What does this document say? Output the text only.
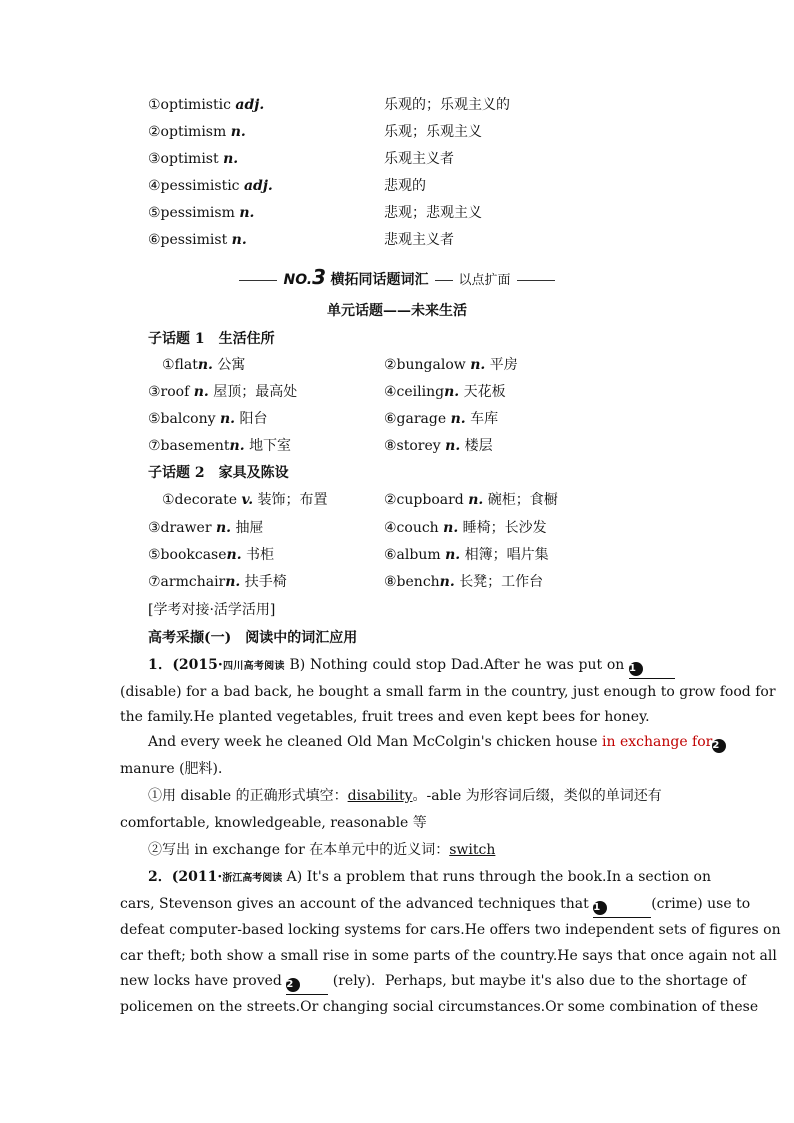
①optimistic adj.	乐观的；乐观主义的
②optimism n.	乐观；乐观主义
③optimist n.	乐观主义者
④pessimistic adj.	悲观的
⑤pessimism n.	悲观；悲观主义
⑥pessimist n.	悲观主义者
NO.3 横拓同话题词汇 以点扩面
单元话题——未来生活
子话题 1　生活住所
①flatn. 公寓	②bungalow n. 平房
③roof n. 屋顶；最高处	④ceilingn. 天花板
⑤balcony n. 阳台	⑥garage n. 车库
⑦basementn. 地下室	⑧storey n. 楼层
子话题 2　家具及陈设
①decorate v. 装饰；布置	②cupboard n. 碗柜；食橱
③drawer n. 抽屉	④couch n. 睡椅；长沙发
⑤bookcasen. 书柜	⑥album n. 相簿；唱片集
⑦armchairn. 扶手椅	⑧benchn. 长凳；工作台
[学考对接·活学活用]
高考采撷(一)　阅读中的词汇应用
1．(2015·四川高考阅读 B) Nothing could stop Dad.After he was put on 1
(disable) for a bad back, he bought a small farm in the country, just enough to grow food for
the family.He planted vegetables, fruit trees and even kept bees for honey.
And every week he cleaned Old Man McColgin's chicken house in exchange for2
manure (肥料)．
①用 disable 的正确形式填空：disability。-able 为形容词后缀，类似的单词还有
comfortable, knowledgeable, reasonable 等
②写出 in exchange for 在本单元中的近义词：switch
2．(2011·浙江高考阅读 A) It's a problem that runs through the book.In a section on
cars, Stevenson gives an account of the advanced techniques that 1	(crime) use to
defeat computer-based locking systems for cars.He offers two independent sets of figures on
car theft; both show a small rise in some parts of the country.He says that once again not all
new locks have proved 2	(rely)．Perhaps, but maybe it's also due to the shortage of
policemen on the streets.Or changing social circumstances.Or some combination of these
